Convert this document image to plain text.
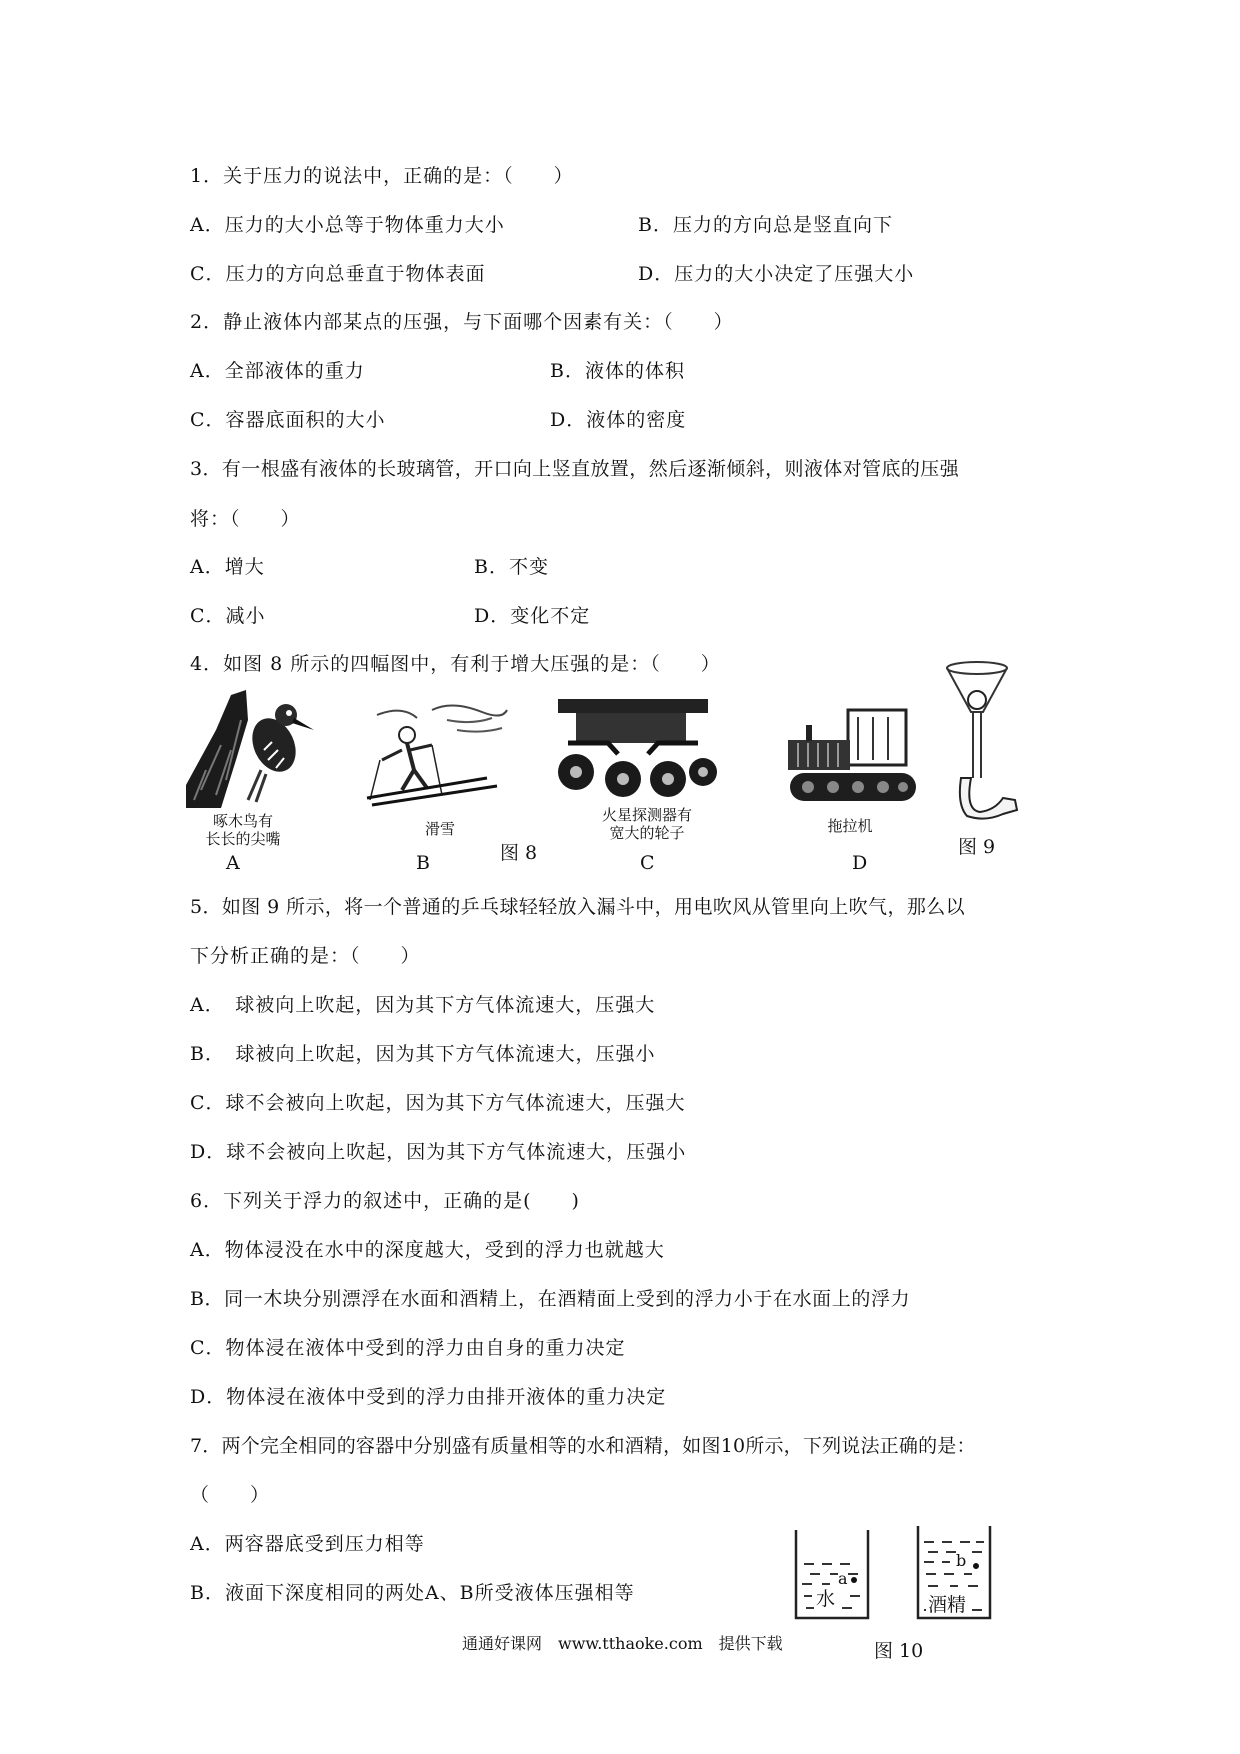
1．关于压力的说法中，正确的是：（　　）
A．压力的大小总等于物体重力大小	B．压力的方向总是竖直向下
C．压力的方向总垂直于物体表面	D．压力的大小决定了压强大小
2．静止液体内部某点的压强，与下面哪个因素有关：（　　）
A．全部液体的重力	B．液体的体积
C．容器底面积的大小	D．液体的密度
3．有一根盛有液体的长玻璃管，开口向上竖直放置，然后逐渐倾斜，则液体对管底的压强
将：（　　）
A．增大	B．不变
C．减小	D．变化不定
4．如图 8 所示的四幅图中，有利于增大压强的是：（　　）
啄木鸟有
长长的尖嘴
A
滑雪
B	图 8
火星探测器有
宽大的轮子
C
拖拉机
D
图 9
5．如图 9 所示，将一个普通的乒乓球轻轻放入漏斗中，用电吹风从管里向上吹气，那么以
下分析正确的是：（　　）
A．　球被向上吹起，因为其下方气体流速大，压强大
B．　球被向上吹起，因为其下方气体流速大，压强小
C．球不会被向上吹起，因为其下方气体流速大，压强大
D．球不会被向上吹起，因为其下方气体流速大，压强小
6．下列关于浮力的叙述中，正确的是(　　)
A．物体浸没在水中的深度越大，受到的浮力也就越大
B．同一木块分别漂浮在水面和酒精上，在酒精面上受到的浮力小于在水面上的浮力
C．物体浸在液体中受到的浮力由自身的重力决定
D．物体浸在液体中受到的浮力由排开液体的重力决定
7．两个完全相同的容器中分别盛有质量相等的水和酒精，如图10所示，下列说法正确的是：
（　　）
A．两容器底受到压力相等
B．液面下深度相同的两处A、B所受液体压强相等
a
水
b
酒精
图 10
通通好课网　www.tthaoke.com　提供下载
